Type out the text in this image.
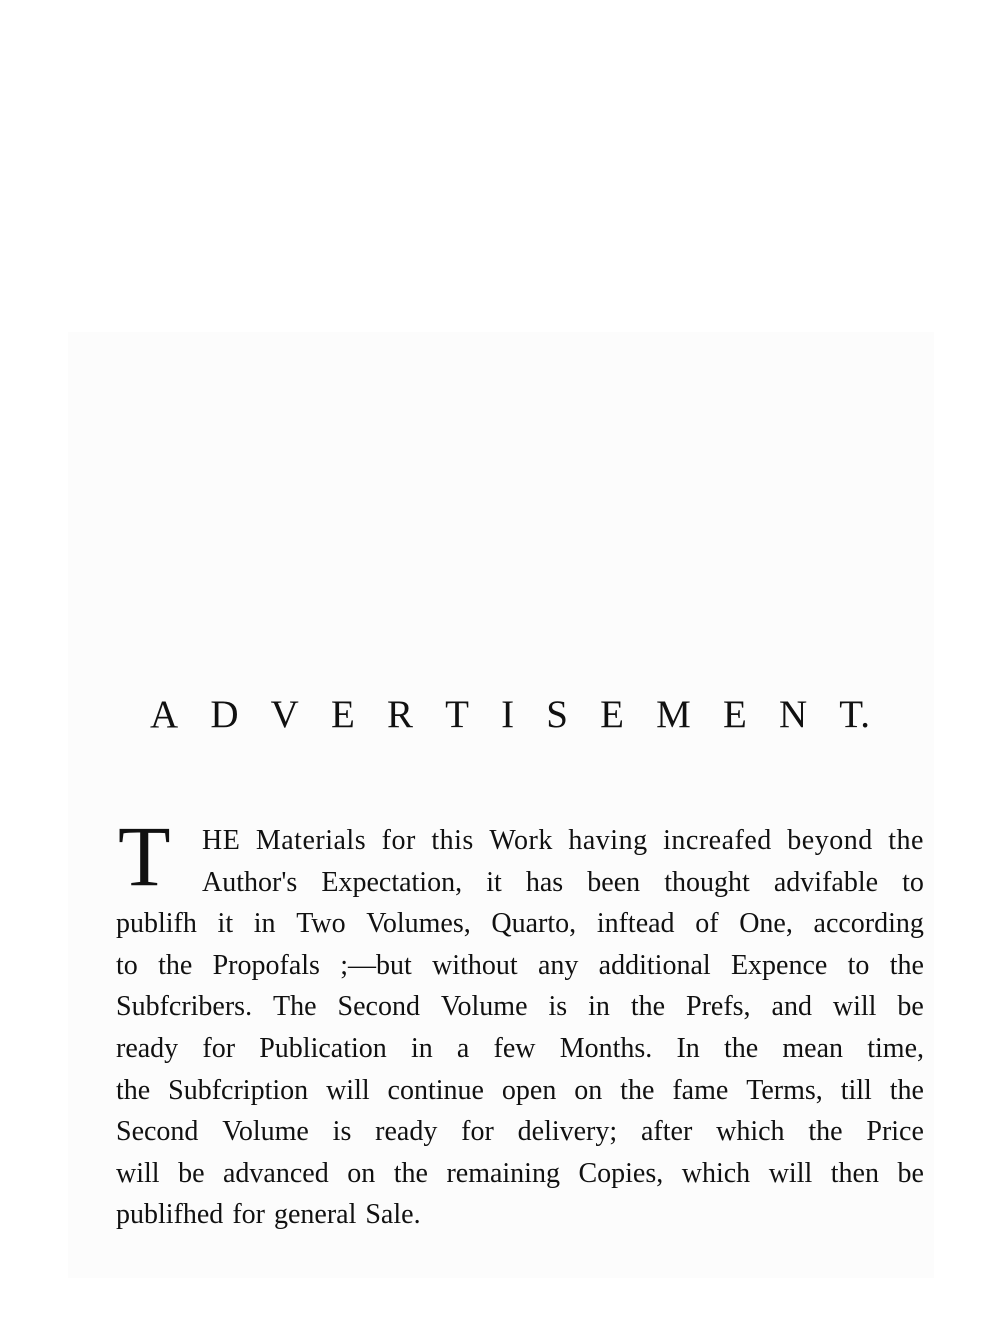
A D V E R T I S E M E N T.
T	HE Materials for this Work having increafed beyond the
Author's Expectation, it has been thought advifable to
publifh it in Two Volumes, Quarto, inftead of One, according
to the Propofals ;—but without any additional Expence to the
Subfcribers. The Second Volume is in the Prefs, and will be
ready for Publication in a few Months. In the mean time,
the Subfcription will continue open on the fame Terms, till the
Second Volume is ready for delivery; after which the Price
will be advanced on the remaining Copies, which will then be
publifhed for general Sale.
